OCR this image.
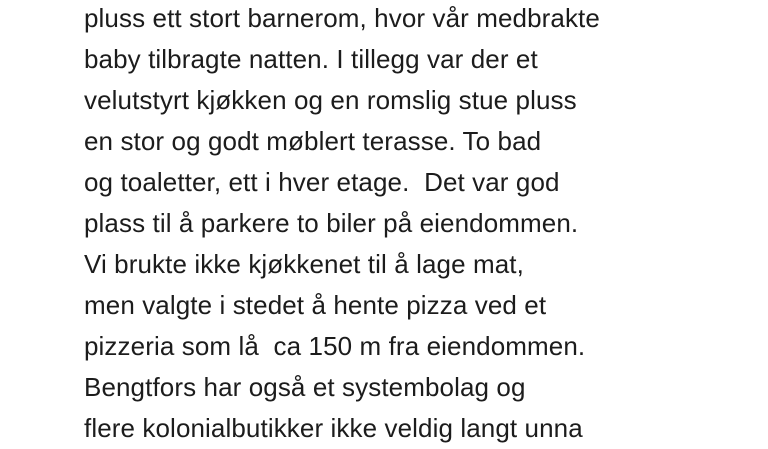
pluss ett stort barnerom, hvor vår medbrakte
baby tilbragte natten. I tillegg var der et
velutstyrt kjøkken og en romslig stue pluss
en stor og godt møblert terasse. To bad
og toaletter, ett i hver etage.  Det var god
plass til å parkere to biler på eiendommen.
Vi brukte ikke kjøkkenet til å lage mat,
men valgte i stedet å hente pizza ved et
pizzeria som lå  ca 150 m fra eiendommen.
Bengtfors har også et systembolag og
flere kolonialbutikker ikke veldig langt unna
